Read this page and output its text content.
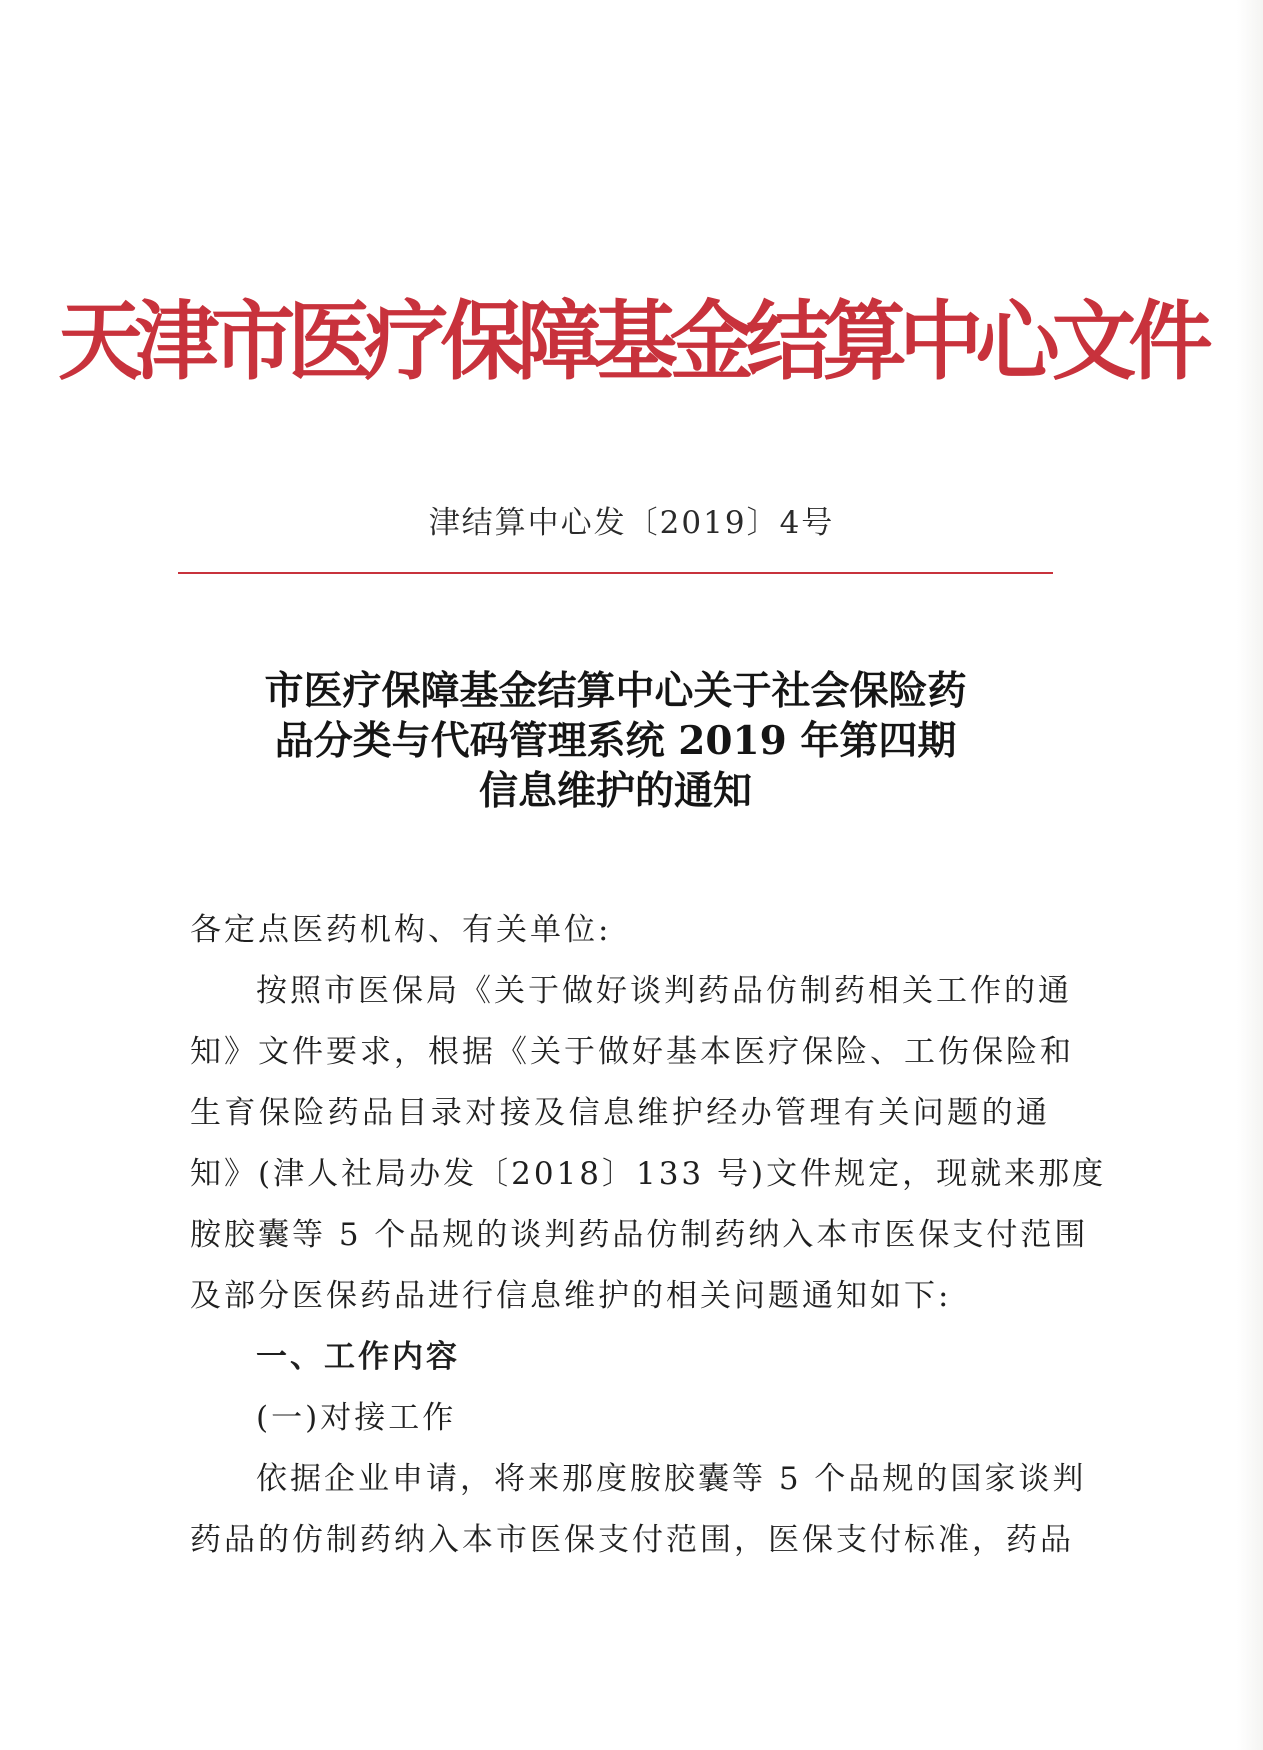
天津市医疗保障基金结算中心文件
津结算中心发〔2019〕4号
市医疗保障基金结算中心关于社会保险药
品分类与代码管理系统 2019 年第四期
信息维护的通知
各定点医药机构、有关单位:
按照市医保局《关于做好谈判药品仿制药相关工作的通
知》文件要求，根据《关于做好基本医疗保险、工伤保险和
生育保险药品目录对接及信息维护经办管理有关问题的通
知》(津人社局办发〔2018〕133 号)文件规定，现就来那度
胺胶囊等 5 个品规的谈判药品仿制药纳入本市医保支付范围
及部分医保药品进行信息维护的相关问题通知如下:
一、工作内容
(一)对接工作
依据企业申请，将来那度胺胶囊等 5 个品规的国家谈判
药品的仿制药纳入本市医保支付范围，医保支付标准，药品
